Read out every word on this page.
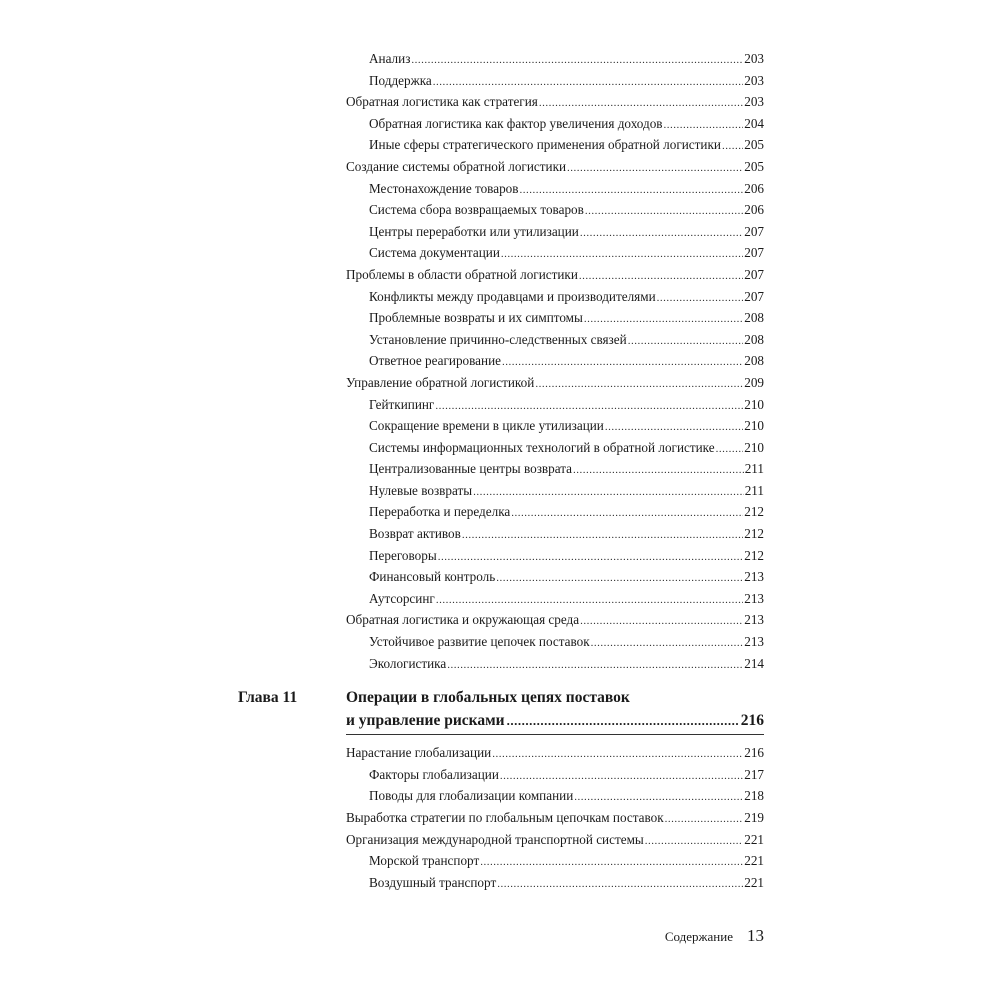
Анализ .....	203
Поддержка .....	203
Обратная логистика как стратегия .....	203
Обратная логистика как фактор увеличения доходов .....	204
Иные сферы стратегического применения обратной логистики ..... 205
Создание системы обратной логистики .....	205
Местонахождение товаров .....	206
Система сбора возвращаемых товаров .....	206
Центры переработки или утилизации .....	207
Система документации .....	207
Проблемы в области обратной логистики .....	207
Конфликты между продавцами и производителями .....	207
Проблемные возвраты и их симптомы .....	208
Установление причинно-следственных связей .....	208
Ответное реагирование .....	208
Управление обратной логистикой .....	209
Гейткипинг .....	210
Сокращение времени в цикле утилизации .....	210
Системы информационных технологий в обратной логистике ..... 210
Централизованные центры возврата .....	211
Нулевые возвраты .....	211
Переработка и переделка .....	212
Возврат активов .....	212
Переговоры .....	212
Финансовый контроль .....	213
Аутсорсинг .....	213
Обратная логистика и окружающая среда .....	213
Устойчивое развитие цепочек поставок .....	213
Экологистика .....	214
Глава 11	Операции в глобальных цепях поставок
и управление рисками .....	216
Нарастание глобализации .....	216
Факторы глобализации .....	217
Поводы для глобализации компании .....	218
Выработка стратегии по глобальным цепочкам поставок .....	219
Организация международной транспортной системы .....	221
Морской транспорт .....	221
Воздушный транспорт .....	221
Содержание 13
